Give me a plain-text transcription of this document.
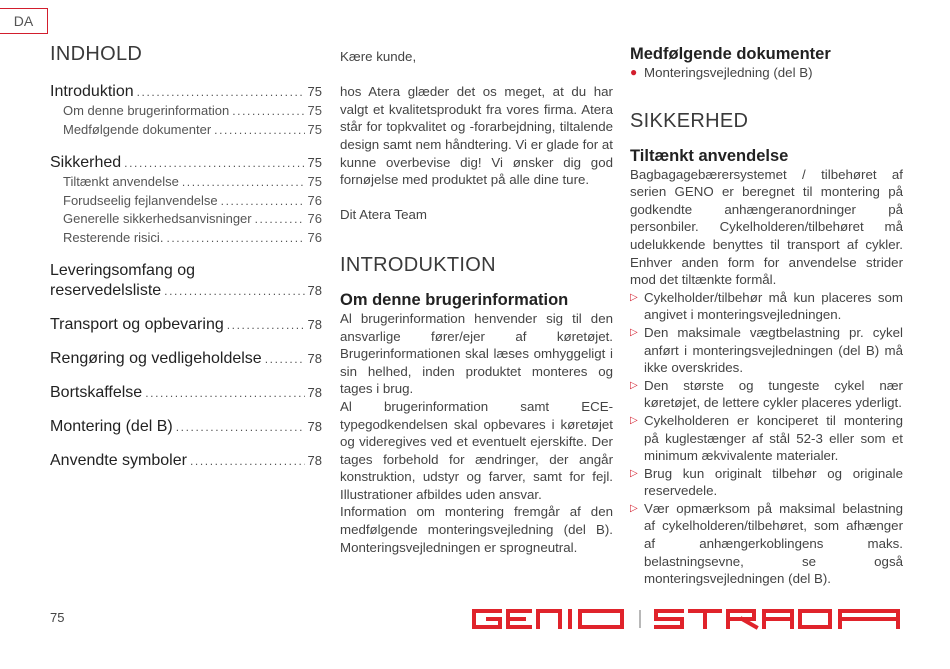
DA
INDHOLD
Introduktion .....	75
Om denne brugerinformation .....	75
Medfølgende dokumenter .....	75
Sikkerhed .....	75
Tiltænkt anvendelse .....	75
Forudseelig fejlanvendelse .....	76
Generelle sikkerhedsanvisninger .....	76
Resterende risici. .....	76
Leveringsomfang og
reservedelsliste .....	78
Transport og opbevaring .....	78
Rengøring og vedligeholdelse .....	78
Bortskaffelse .....	78
Montering (del B) .....	78
Anvendte symboler .....	78

Kære kunde,

hos Atera glæder det os meget, at du har valgt et kvalitetsprodukt fra vores firma. Atera står for topkvalitet og -forarbejdning, tiltalende design samt nem håndtering. Vi er glade for at kunne overbevise dig! Vi ønsker dig god fornøjelse med produktet på alle dine ture.

Dit Atera Team

INTRODUKTION
Om denne brugerinformation

Al brugerinformation henvender sig til den ansvarlige fører/ejer af køretøjet. Brugerinformationen skal læses omhyggeligt i sin helhed, inden produktet monteres og tages i brug.

Al brugerinformation samt ECE-typegodkendelsen skal opbevares i køretøjet og videregives ved et eventuelt ejerskifte. Der tages forbehold for ændringer, der angår konstruktion, udstyr og farver, samt for fejl. Illustrationer afbildes uden ansvar.

Information om montering fremgår af den medfølgende monteringsvejledning (del B). Monteringsvejledningen er sprogneutral.

Medfølgende dokumenter
● Monteringsvejledning (del B)
SIKKERHED
Tiltænkt anvendelse

Bagbagagebærersystemet / tilbehøret af serien GENO er beregnet til montering på godkendte anhængeranordninger på personbiler. Cykelholderen/tilbehøret må udelukkende benyttes til transport af cykler. Enhver anden form for anvendelse strider mod det tiltænkte formål.

▷ Cykelholder/tilbehør må kun placeres som angivet i monteringsvejledningen.
▷ Den maksimale vægtbelastning pr. cykel anført i monteringsvejledningen (del B) må ikke overskrides.
▷ Den største og tungeste cykel nær køretøjet, de lettere cykler placeres yderligt.
▷ Cykelholderen er konciperet til montering på kuglestænger af stål 52-3 eller som et minimum ækvivalente materialer.
▷ Brug kun originalt tilbehør og originale reservedele.
▷ Vær opmærksom på maksimal belastning af cykelholderen/tilbehøret, som afhænger af anhængerkoblingens maks. belastningsevne, se også monteringsvejledningen (del B).
75
